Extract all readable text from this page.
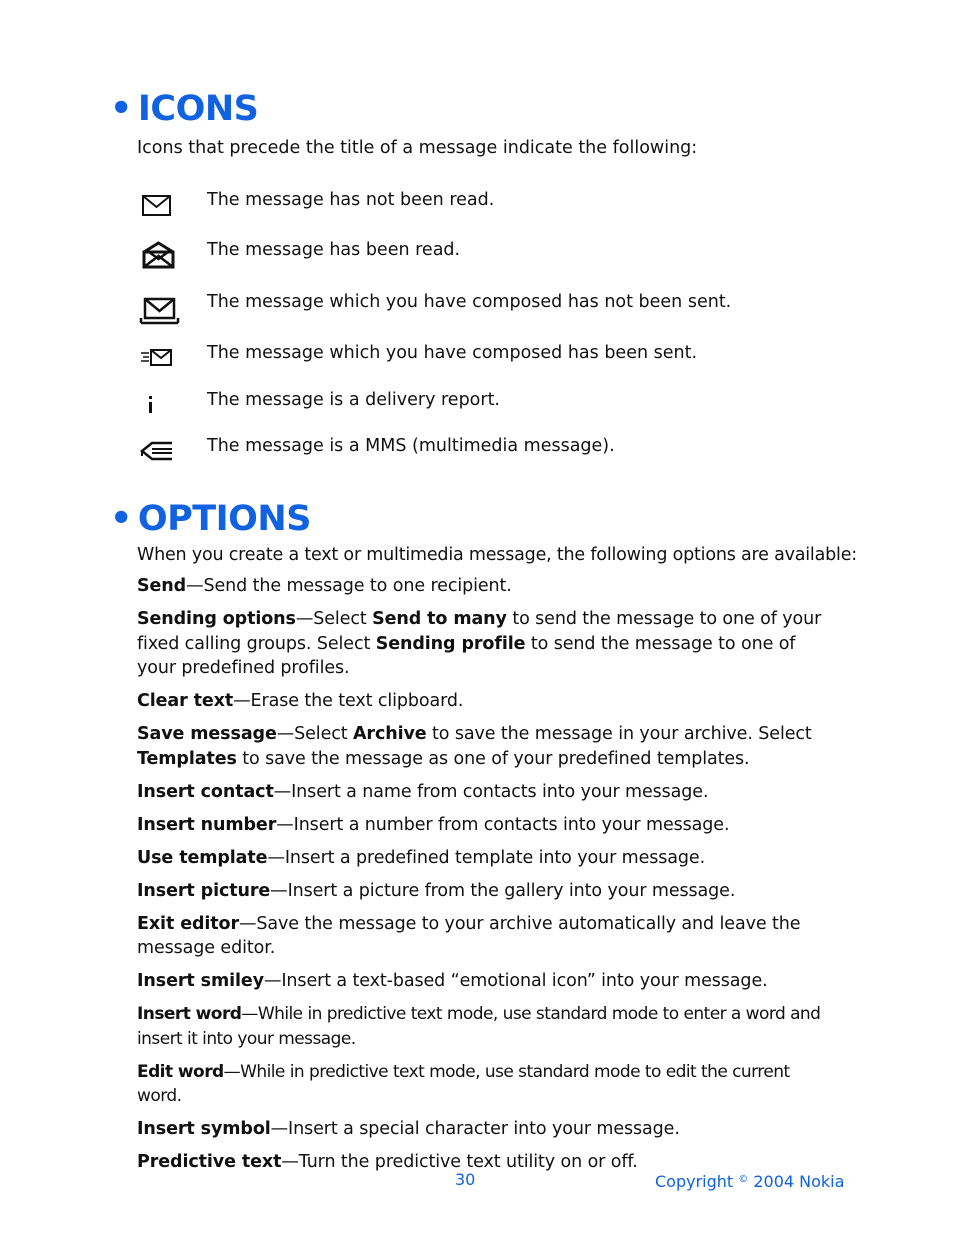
• ICONS

Icons that precede the title of a message indicate the following:

The message has not been read.
The message has been read.
The message which you have composed has not been sent.
The message which you have composed has been sent.
The message is a delivery report.
The message is a MMS (multimedia message).
• OPTIONS

When you create a text or multimedia message, the following options are available:

Send—Send the message to one recipient.

Sending options—Select Send to many to send the message to one of your fixed calling groups. Select Sending profile to send the message to one of your predefined profiles.

Clear text—Erase the text clipboard.

Save message—Select Archive to save the message in your archive. Select Templates to save the message as one of your predefined templates.

Insert contact—Insert a name from contacts into your message.

Insert number—Insert a number from contacts into your message.

Use template—Insert a predefined template into your message.

Insert picture—Insert a picture from the gallery into your message.

Exit editor—Save the message to your archive automatically and leave the message editor.

Insert smiley—Insert a text-based “emotional icon” into your message.

Insert word—While in predictive text mode, use standard mode to enter a word and insert it into your message.

Edit word—While in predictive text mode, use standard mode to edit the current word.

Insert symbol—Insert a special character into your message.

Predictive text—Turn the predictive text utility on or off.

30	Copyright © 2004 Nokia
